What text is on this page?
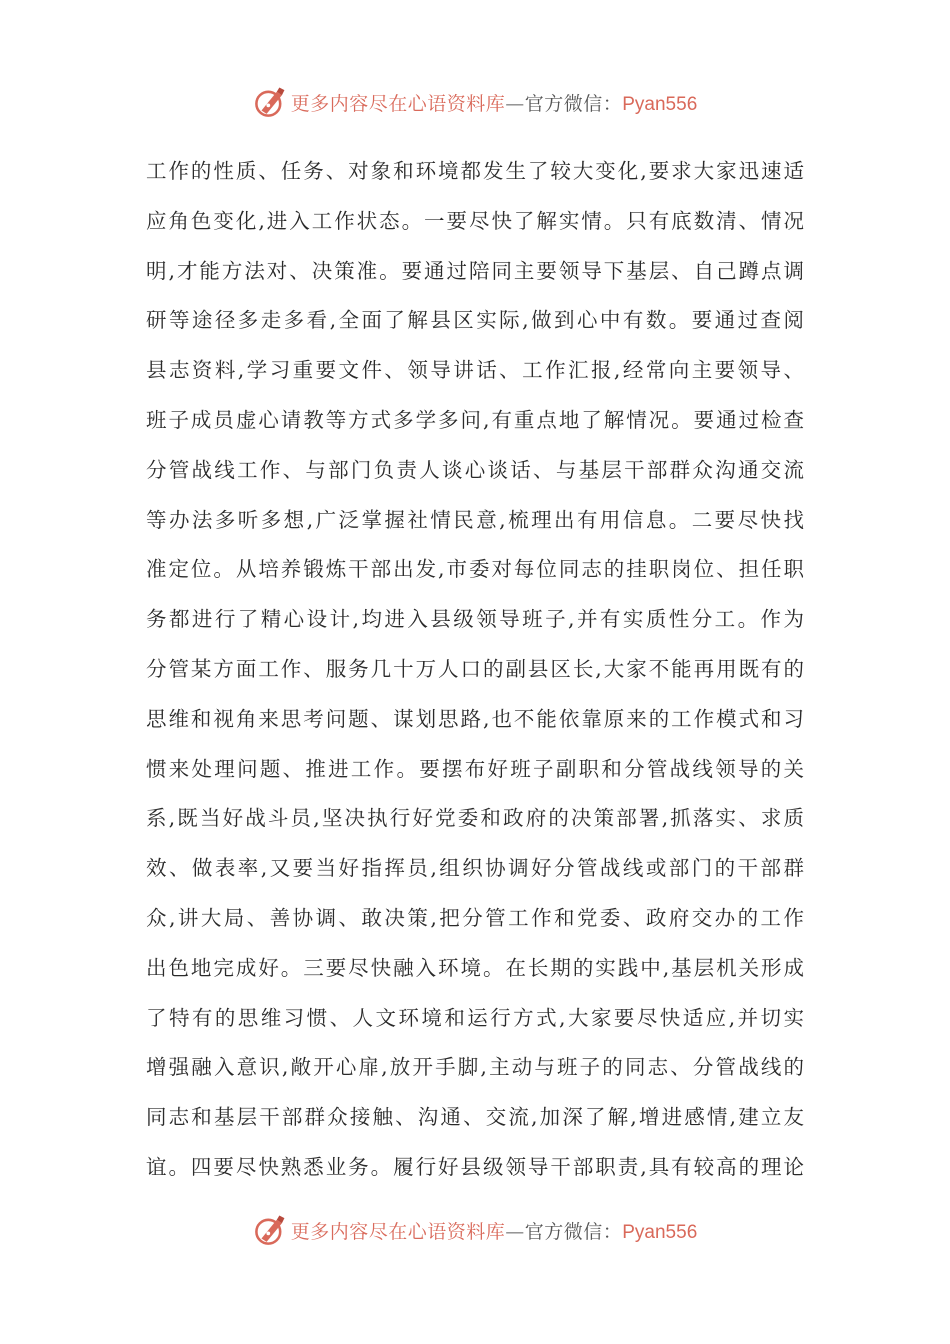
更多内容尽在心语资料库—官方微信：Pyan556
工作的性质、任务、对象和环境都发生了较大变化,要求大家迅速适
应角色变化,进入工作状态。一要尽快了解实情。只有底数清、情况
明,才能方法对、决策准。要通过陪同主要领导下基层、自己蹲点调
研等途径多走多看,全面了解县区实际,做到心中有数。要通过查阅
县志资料,学习重要文件、领导讲话、工作汇报,经常向主要领导、
班子成员虚心请教等方式多学多问,有重点地了解情况。要通过检查
分管战线工作、与部门负责人谈心谈话、与基层干部群众沟通交流
等办法多听多想,广泛掌握社情民意,梳理出有用信息。二要尽快找
准定位。从培养锻炼干部出发,市委对每位同志的挂职岗位、担任职
务都进行了精心设计,均进入县级领导班子,并有实质性分工。作为
分管某方面工作、服务几十万人口的副县区长,大家不能再用既有的
思维和视角来思考问题、谋划思路,也不能依靠原来的工作模式和习
惯来处理问题、推进工作。要摆布好班子副职和分管战线领导的关
系,既当好战斗员,坚决执行好党委和政府的决策部署,抓落实、求质
效、做表率,又要当好指挥员,组织协调好分管战线或部门的干部群
众,讲大局、善协调、敢决策,把分管工作和党委、政府交办的工作
出色地完成好。三要尽快融入环境。在长期的实践中,基层机关形成
了特有的思维习惯、人文环境和运行方式,大家要尽快适应,并切实
增强融入意识,敞开心扉,放开手脚,主动与班子的同志、分管战线的
同志和基层干部群众接触、沟通、交流,加深了解,增进感情,建立友
谊。四要尽快熟悉业务。履行好县级领导干部职责,具有较高的理论
更多内容尽在心语资料库—官方微信：Pyan556
